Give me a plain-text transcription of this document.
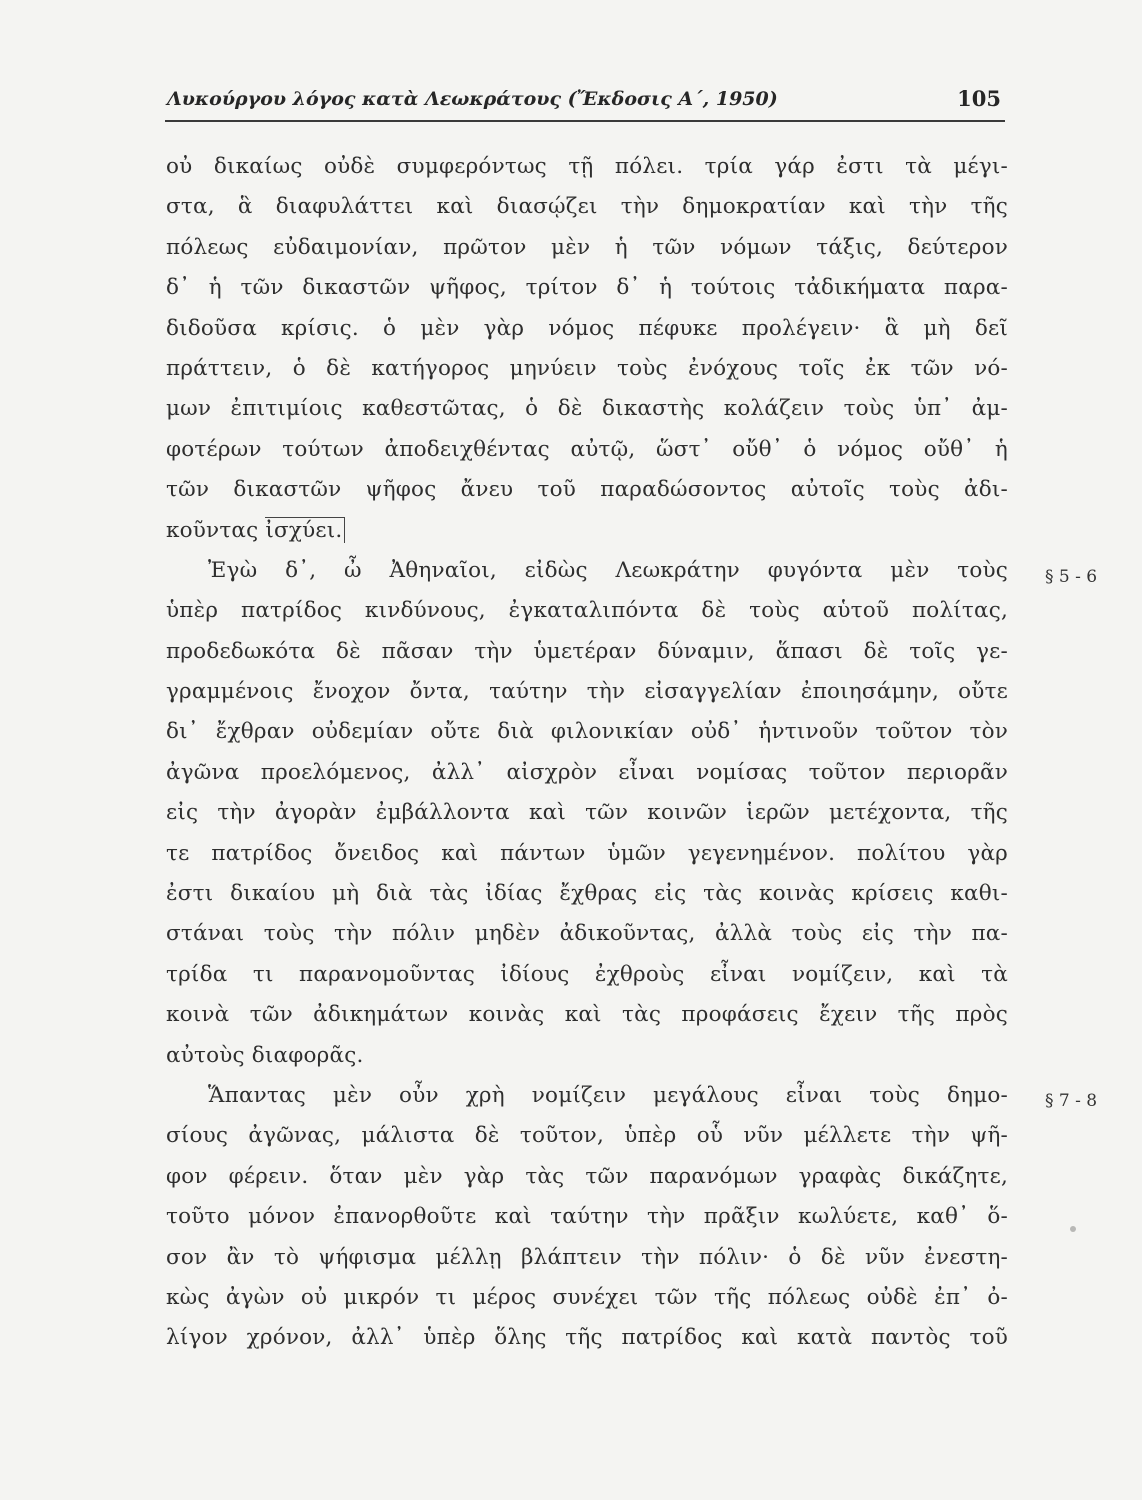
Λυκούργου λόγος κατὰ Λεωκράτους (Ἔκδοσις Α΄, 1950)	105
οὐ δικαίως οὐδὲ συμφερόντως τῇ πόλει. τρία γάρ ἐστι τὰ μέγι-
στα, ἃ διαφυλάττει καὶ διασῴζει τὴν δημοκρατίαν καὶ τὴν τῆς
πόλεως εὐδαιμονίαν, πρῶτον μὲν ἡ τῶν νόμων τάξις, δεύτερον
δ᾽ ἡ τῶν δικαστῶν ψῆφος, τρίτον δ᾽ ἡ τούτοις τἀδικήματα παρα-
διδοῦσα κρίσις. ὁ μὲν γὰρ νόμος πέφυκε προλέγειν· ἃ μὴ δεῖ
πράττειν, ὁ δὲ κατήγορος μηνύειν τοὺς ἐνόχους τοῖς ἐκ τῶν νό-
μων ἐπιτιμίοις καθεστῶτας, ὁ δὲ δικαστὴς κολάζειν τοὺς ὑπ᾽ ἀμ-
φοτέρων τούτων ἀποδειχθέντας αὐτῷ, ὥστ᾽ οὔθ᾽ ὁ νόμος οὔθ᾽ ἡ
τῶν δικαστῶν ψῆφος ἄνευ τοῦ παραδώσοντος αὐτοῖς τοὺς ἀδι-
κοῦντας ἰσχύει.
Ἐγὼ δ᾽, ὦ Ἀθηναῖοι, εἰδὼς Λεωκράτην φυγόντα μὲν τοὺς
ὑπὲρ πατρίδος κινδύνους, ἐγκαταλιπόντα δὲ τοὺς αὑτοῦ πολίτας,
προδεδωκότα δὲ πᾶσαν τὴν ὑμετέραν δύναμιν, ἅπασι δὲ τοῖς γε-
γραμμένοις ἔνοχον ὄντα, ταύτην τὴν εἰσαγγελίαν ἐποιησάμην, οὔτε
δι᾽ ἔχθραν οὐδεμίαν οὔτε διὰ φιλονικίαν οὐδ᾽ ἡντινοῦν τοῦτον τὸν
ἀγῶνα προελόμενος, ἀλλ᾽ αἰσχρὸν εἶναι νομίσας τοῦτον περιορᾶν
εἰς τὴν ἀγορὰν ἐμβάλλοντα καὶ τῶν κοινῶν ἱερῶν μετέχοντα, τῆς
τε πατρίδος ὄνειδος καὶ πάντων ὑμῶν γεγενημένον. πολίτου γὰρ
ἐστι δικαίου μὴ διὰ τὰς ἰδίας ἔχθρας εἰς τὰς κοινὰς κρίσεις καθι-
στάναι τοὺς τὴν πόλιν μηδὲν ἀδικοῦντας, ἀλλὰ τοὺς εἰς τὴν πα-
τρίδα τι παρανομοῦντας ἰδίους ἐχθροὺς εἶναι νομίζειν, καὶ τὰ
κοινὰ τῶν ἀδικημάτων κοινὰς καὶ τὰς προφάσεις ἔχειν τῆς πρὸς
αὐτοὺς διαφορᾶς.
Ἅπαντας μὲν οὖν χρὴ νομίζειν μεγάλους εἶναι τοὺς δημο-
σίους ἀγῶνας, μάλιστα δὲ τοῦτον, ὑπὲρ οὗ νῦν μέλλετε τὴν ψῆ-
φον φέρειν. ὅταν μὲν γὰρ τὰς τῶν παρανόμων γραφὰς δικάζητε,
τοῦτο μόνον ἐπανορθοῦτε καὶ ταύτην τὴν πρᾶξιν κωλύετε, καθ᾽ ὅ-
σον ἂν τὸ ψήφισμα μέλλῃ βλάπτειν τὴν πόλιν· ὁ δὲ νῦν ἐνεστη-
κὼς ἀγὼν οὐ μικρόν τι μέρος συνέχει τῶν τῆς πόλεως οὐδὲ ἐπ᾽ ὀ-
λίγον χρόνον, ἀλλ᾽ ὑπὲρ ὅλης τῆς πατρίδος καὶ κατὰ παντὸς τοῦ
§ 5 - 6
§ 7 - 8
